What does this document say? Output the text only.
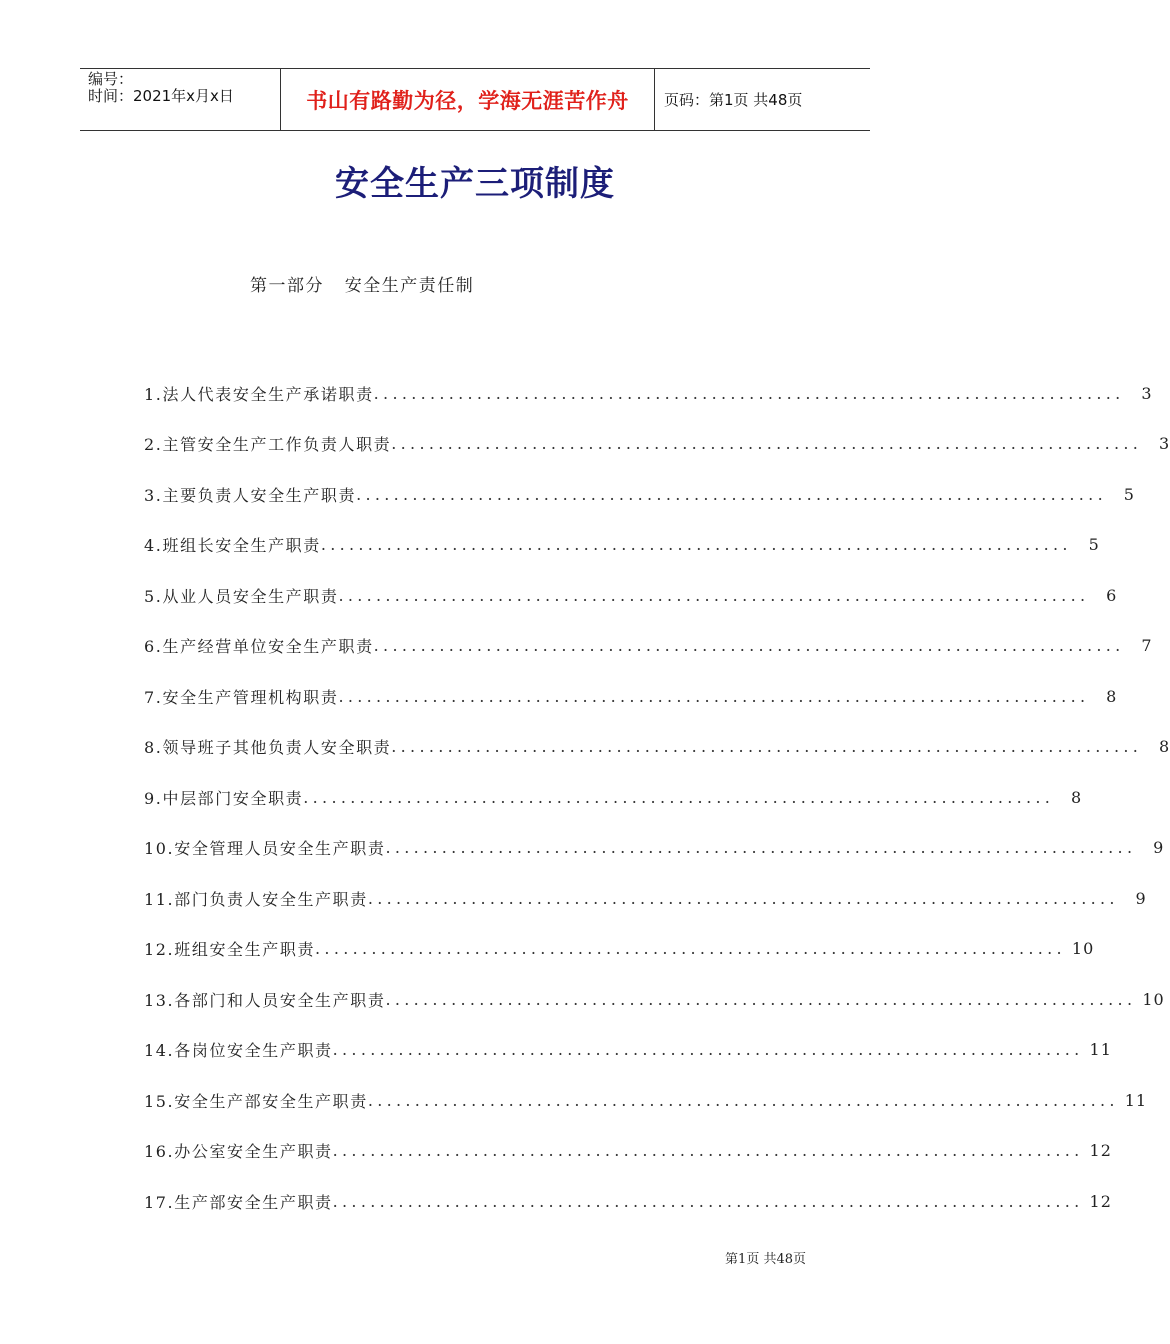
编号：
时间：2021年x月x日	书山有路勤为径，学海无涯苦作舟	页码：第1页 共48页
安全生产三项制度
第一部分   安全生产责任制
1.法人代表安全生产承诺职责 ................................................................................	3
2.主管安全生产工作负责人职责 ................................................................................	3
3.主要负责人安全生产职责 ................................................................................	5
4.班组长安全生产职责 ................................................................................	5
5.从业人员安全生产职责 ................................................................................	6
6.生产经营单位安全生产职责 ................................................................................	7
7.安全生产管理机构职责 ................................................................................	8
8.领导班子其他负责人安全职责 ................................................................................	8
9.中层部门安全职责 ................................................................................	8
10.安全管理人员安全生产职责 ................................................................................	9
11.部门负责人安全生产职责 ................................................................................	9
12.班组安全生产职责 ................................................................................ 10
13.各部门和人员安全生产职责 ................................................................................ 10
14.各岗位安全生产职责 ................................................................................ 11
15.安全生产部安全生产职责 ................................................................................ 11
16.办公室安全生产职责 ................................................................................ 12
17.生产部安全生产职责 ................................................................................ 12
第1页 共48页
